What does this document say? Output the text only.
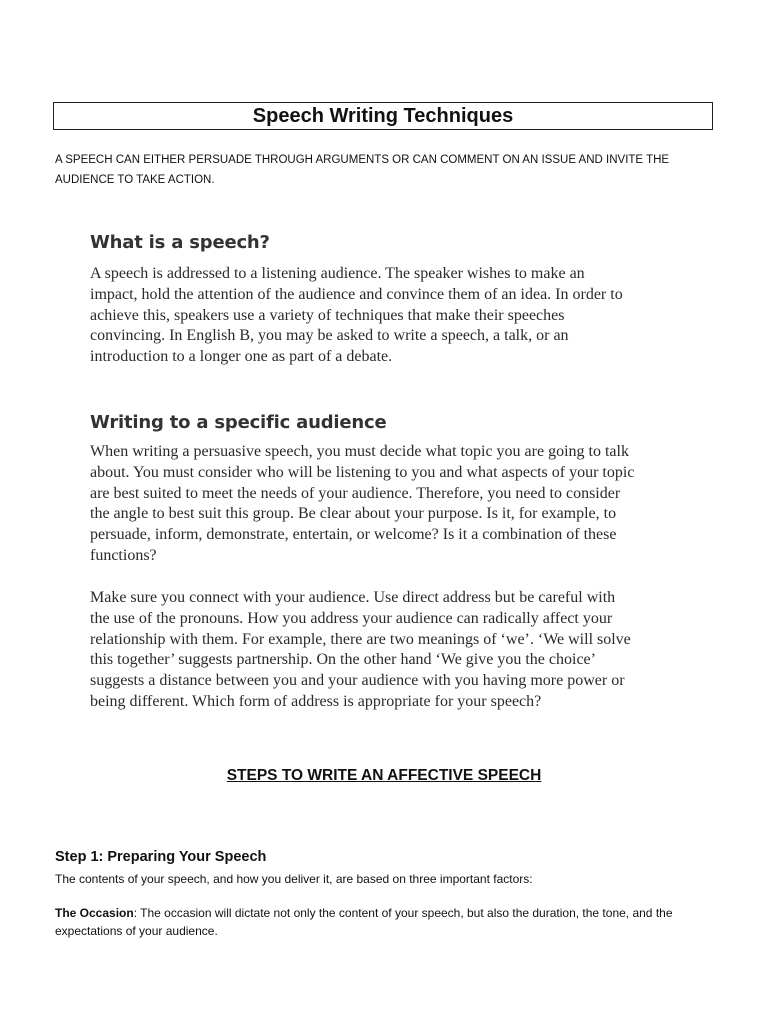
Speech Writing Techniques

A SPEECH CAN EITHER PERSUADE THROUGH ARGUMENTS OR CAN COMMENT ON AN ISSUE AND INVITE THE AUDIENCE TO TAKE ACTION.

What is a speech?

A speech is addressed to a listening audience. The speaker wishes to make an impact, hold the attention of the audience and convince them of an idea. In order to achieve this, speakers use a variety of techniques that make their speeches convincing. In English B, you may be asked to write a speech, a talk, or an introduction to a longer one as part of a debate.

Writing to a specific audience

When writing a persuasive speech, you must decide what topic you are going to talk about. You must consider who will be listening to you and what aspects of your topic are best suited to meet the needs of your audience. Therefore, you need to consider the angle to best suit this group. Be clear about your purpose. Is it, for example, to persuade, inform, demonstrate, entertain, or welcome? Is it a combination of these functions?

Make sure you connect with your audience. Use direct address but be careful with the use of the pronouns. How you address your audience can radically affect your relationship with them. For example, there are two meanings of ‘we’. ‘We will solve this together’ suggests partnership. On the other hand ‘We give you the choice’ suggests a distance between you and your audience with you having more power or being different. Which form of address is appropriate for your speech?

STEPS TO WRITE AN AFFECTIVE SPEECH
Step 1: Preparing Your Speech

The contents of your speech, and how you deliver it, are based on three important factors:

The Occasion: The occasion will dictate not only the content of your speech, but also the duration, the tone, and the expectations of your audience.
